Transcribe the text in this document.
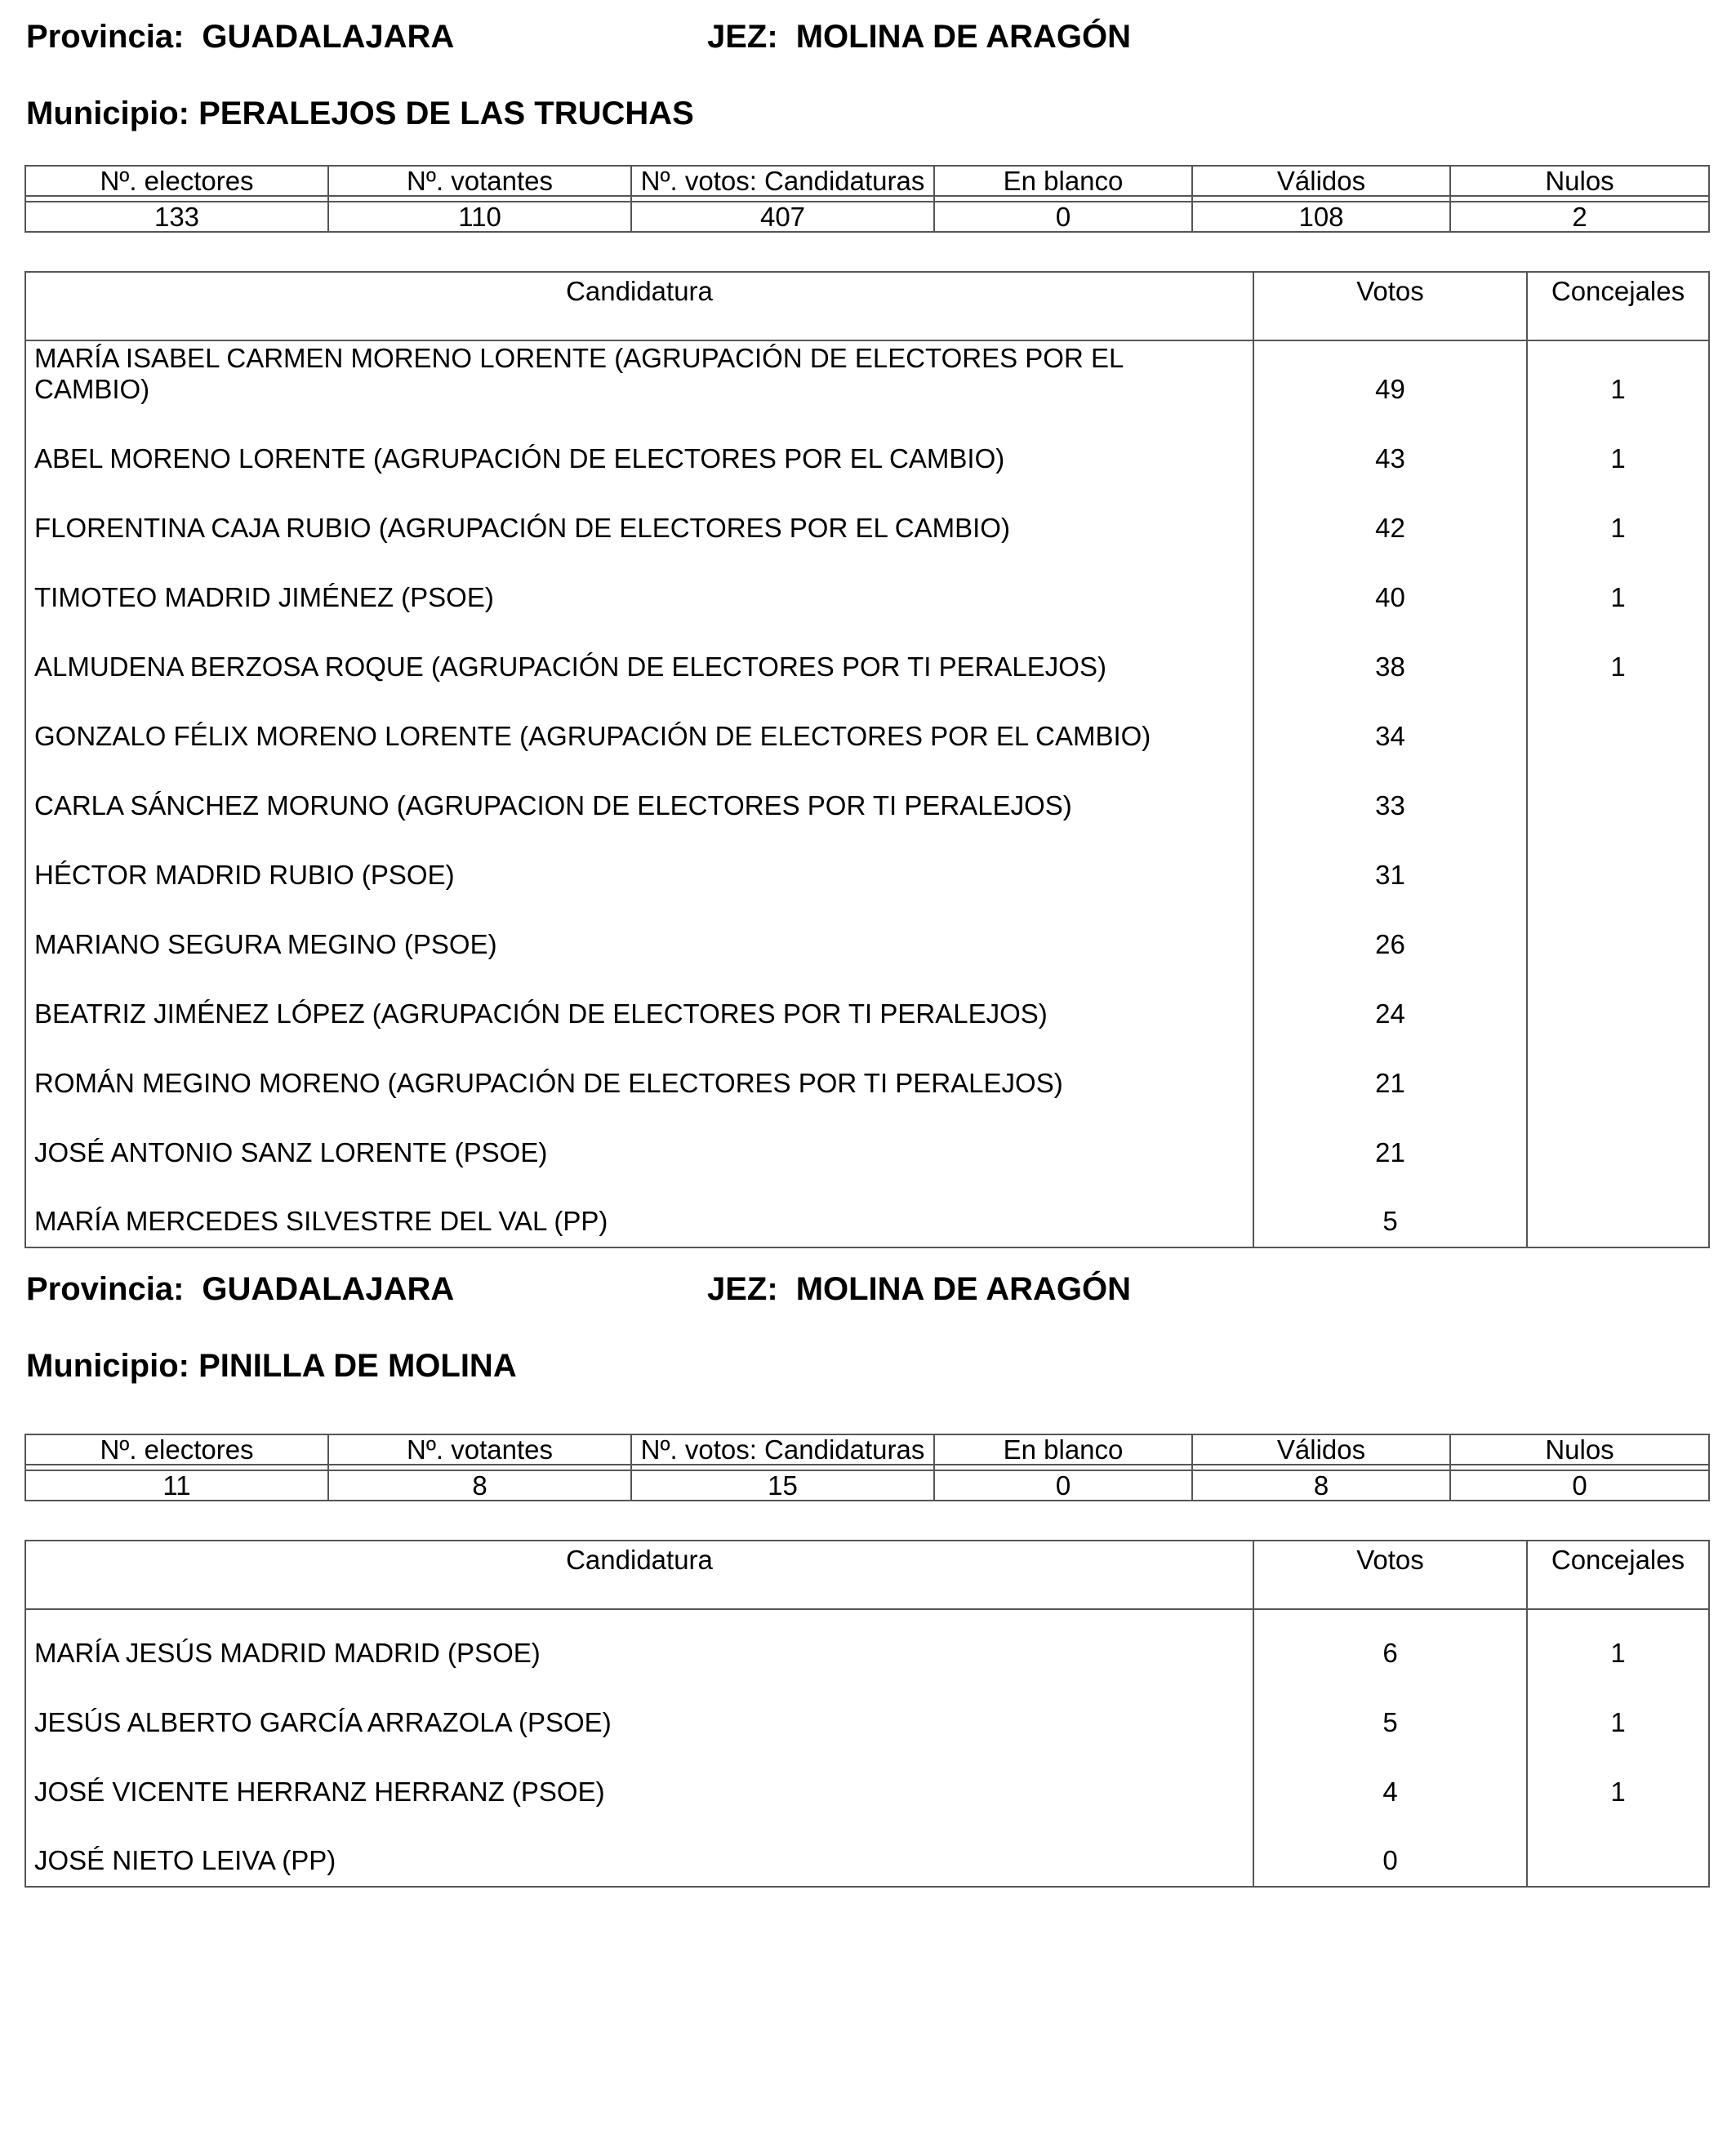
Provincia: GUADALAJARA	JEZ: MOLINA DE ARAGÓN
Municipio: PERALEJOS DE LAS TRUCHAS
Nº. electores	Nº. votantes	Nº. votos: Candidaturas	En blanco	Válidos	Nulos

133	110	407	0	108	2
Candidatura	Votos	Concejales
MARÍA ISABEL CARMEN MORENO LORENTE (AGRUPACIÓN DE ELECTORES POR EL CAMBIO)	49	1
ABEL MORENO LORENTE (AGRUPACIÓN DE ELECTORES POR EL CAMBIO)	43	1
FLORENTINA CAJA RUBIO (AGRUPACIÓN DE ELECTORES POR EL CAMBIO)	42	1
TIMOTEO MADRID JIMÉNEZ (PSOE)	40	1
ALMUDENA BERZOSA ROQUE (AGRUPACIÓN DE ELECTORES POR TI PERALEJOS)	38	1
GONZALO FÉLIX MORENO LORENTE (AGRUPACIÓN DE ELECTORES POR EL CAMBIO)	34	
CARLA SÁNCHEZ MORUNO (AGRUPACION DE ELECTORES POR TI PERALEJOS)	33	
HÉCTOR MADRID RUBIO (PSOE)	31	
MARIANO SEGURA MEGINO (PSOE)	26	
BEATRIZ JIMÉNEZ LÓPEZ (AGRUPACIÓN DE ELECTORES POR TI PERALEJOS)	24	
ROMÁN MEGINO MORENO (AGRUPACIÓN DE ELECTORES POR TI PERALEJOS)	21	
JOSÉ ANTONIO SANZ LORENTE (PSOE)	21	
MARÍA MERCEDES SILVESTRE DEL VAL (PP)	5	
Provincia: GUADALAJARA	JEZ: MOLINA DE ARAGÓN
Municipio: PINILLA DE MOLINA
Nº. electores	Nº. votantes	Nº. votos: Candidaturas	En blanco	Válidos	Nulos

11	8	15	0	8	0
Candidatura	Votos	Concejales
MARÍA JESÚS MADRID MADRID (PSOE)	6	1
JESÚS ALBERTO GARCÍA ARRAZOLA (PSOE)	5	1
JOSÉ VICENTE HERRANZ HERRANZ (PSOE)	4	1
JOSÉ NIETO LEIVA (PP)	0	
